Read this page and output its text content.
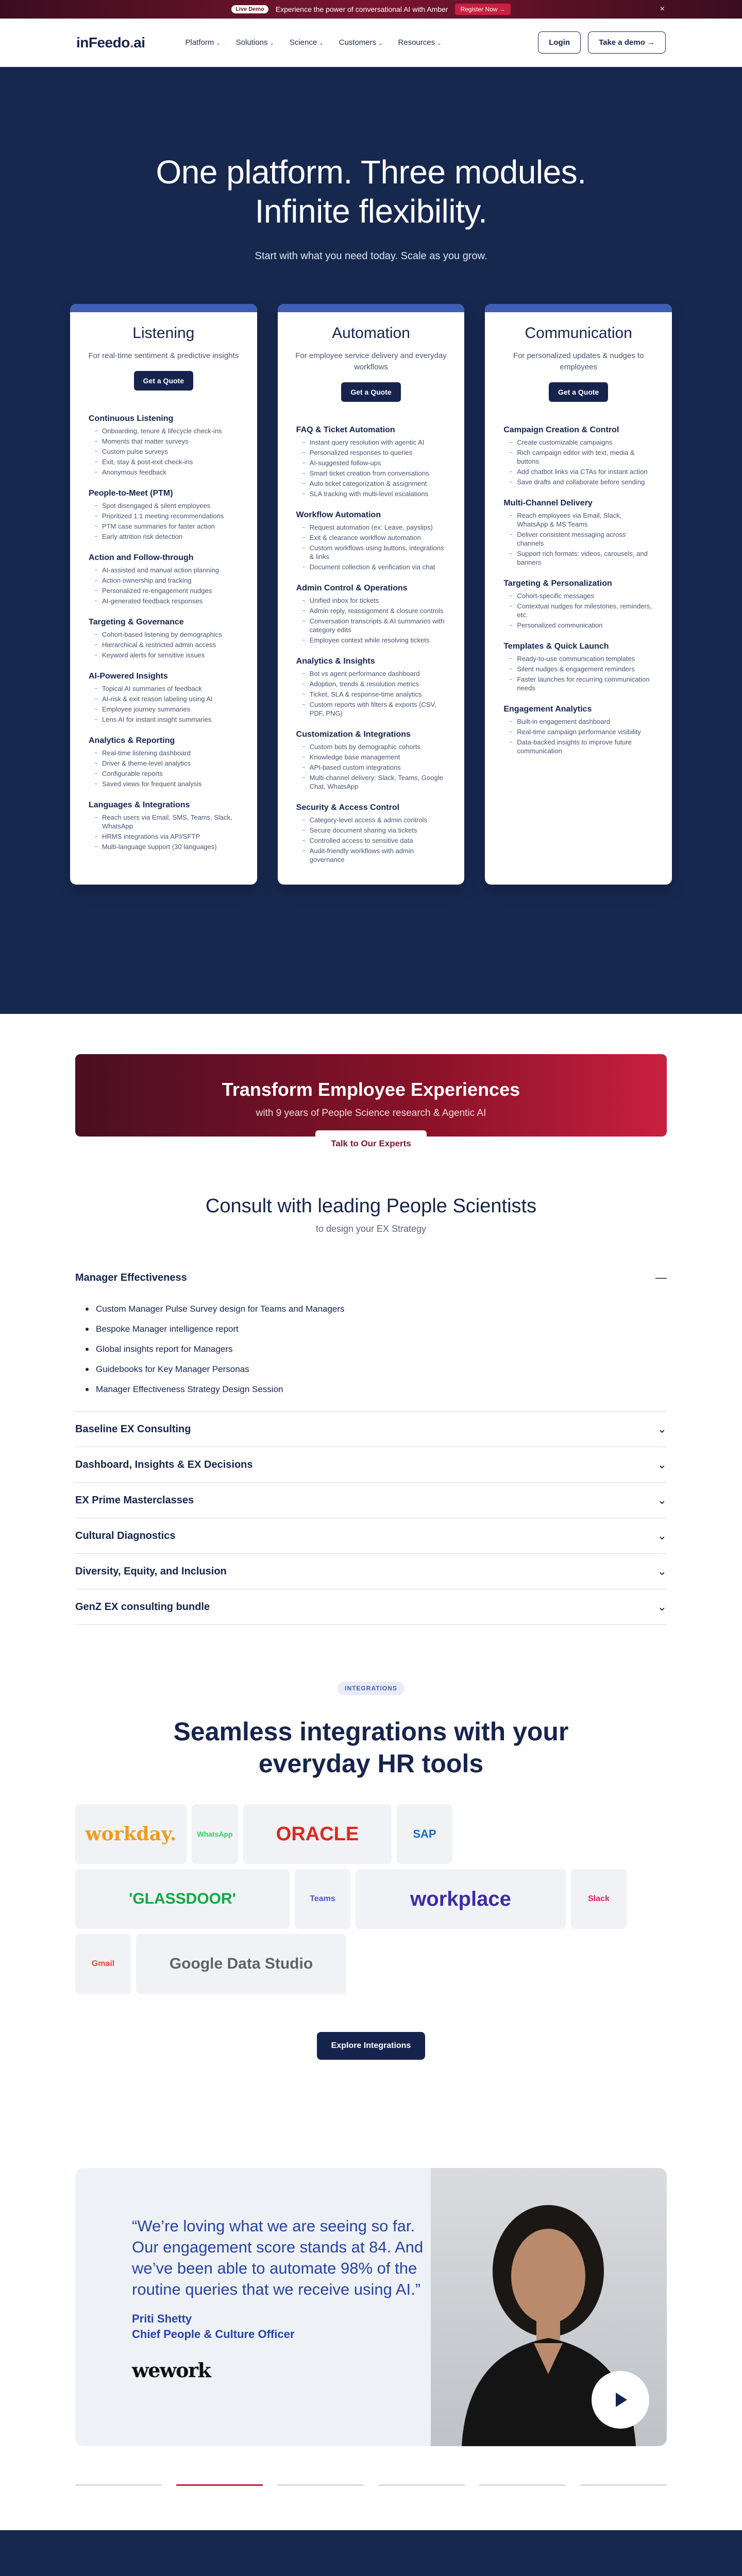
Live Demo	Experience the power of conversational AI with Amber	Register Now →	×
inFeedo.ai	Platform ⌄ Solutions ⌄ Science ⌄ Customers ⌄ Resources ⌄	Login	Take a demo →
One platform. Three modules.
Infinite flexibility.
Start with what you need today. Scale as you grow.
Listening
For real-time sentiment & predictive insights
Get a Quote
Continuous Listening
Onboarding, tenure & lifecycle check-ins
Moments that matter surveys
Custom pulse surveys
Exit, stay & post-exit check-ins
Anonymous feedback
People-to-Meet (PTM)
Spot disengaged & silent employees
Prioritized 1:1 meeting recommendations
PTM case summaries for faster action
Early attrition risk detection
Action and Follow-through
AI-assisted and manual action planning
Action ownership and tracking
Personalized re-engagement nudges
AI-generated feedback responses
Targeting & Governance
Cohort-based listening by demographics
Hierarchical & restricted admin access
Keyword alerts for sensitive issues
AI-Powered Insights
Topical AI summaries of feedback
AI-risk & exit reason labeling using AI
Employee journey summaries
Lens AI for instant insight summaries
Analytics & Reporting
Real-time listening dashboard
Driver & theme-level analytics
Configurable reports
Saved views for frequent analysis
Languages & Integrations
Reach users via Email, SMS, Teams, Slack, WhatsApp
HRMS integrations via API/SFTP
Multi-language support (30 languages)
Automation
For employee service delivery and everyday workflows
Get a Quote
FAQ & Ticket Automation
Instant query resolution with agentic AI
Personalized responses to queries
AI-suggested follow-ups
Smart ticket creation from conversations
Auto ticket categorization & assignment
SLA tracking with multi-level escalations
Workflow Automation
Request automation (ex: Leave, payslips)
Exit & clearance workflow automation
Custom workflows using buttons, integrations & links
Document collection & verification via chat
Admin Control & Operations
Unified inbox for tickets
Admin reply, reassignment & closure controls
Conversation transcripts & AI summaries with category edits
Employee context while resolving tickets
Analytics & Insights
Bot vs agent performance dashboard
Adoption, trends & resolution metrics
Ticket, SLA & response-time analytics
Custom reports with filters & exports (CSV, PDF, PNG)
Customization & Integrations
Custom bots by demographic cohorts
Knowledge base management
API-based custom integrations
Multi-channel delivery: Slack, Teams, Google Chat, WhatsApp
Security & Access Control
Category-level access & admin controls
Secure document sharing via tickets
Controlled access to sensitive data
Audit-friendly workflows with admin governance
Communication
For personalized updates & nudges to employees
Get a Quote
Campaign Creation & Control
Create customizable campaigns
Rich campaign editor with text, media & buttons
Add chatbot links via CTAs for instant action
Save drafts and collaborate before sending
Multi-Channel Delivery
Reach employees via Email, Slack, WhatsApp & MS Teams
Deliver consistent messaging across channels
Support rich formats: videos, carousels, and banners
Targeting & Personalization
Cohort-specific messages
Contextual nudges for milestones, reminders, etc.
Personalized communication
Templates & Quick Launch
Ready-to-use communication templates
Silent nudges & engagement reminders
Faster launches for recurring communication needs
Engagement Analytics
Built-in engagement dashboard
Real-time campaign performance visibility
Data-backed insights to improve future communication
Transform Employee Experiences
with 9 years of People Science research & Agentic AI
Talk to Our Experts
Consult with leading People Scientists
to design your EX Strategy
Manager Effectiveness	—
Custom Manager Pulse Survey design for Teams and Managers
Bespoke Manager intelligence report
Global insights report for Managers
Guidebooks for Key Manager Personas
Manager Effectiveness Strategy Design Session
Baseline EX Consulting	⌄
Dashboard, Insights & EX Decisions	⌄
EX Prime Masterclasses	⌄
Cultural Diagnostics	⌄
Diversity, Equity, and Inclusion	⌄
GenZ EX consulting bundle	⌄
INTEGRATIONS
Seamless integrations with your
everyday HR tools
workday.	WhatsApp	ORACLE	SAP
'GLASSDOOR'	Teams	workplace	Slack
Gmail	Google Data Studio
Explore Integrations
“We’re loving what we are seeing so far. Our engagement score stands at 84. And we’ve been able to automate 98% of the routine queries that we receive using AI.”
Priti Shetty
Chief People & Culture Officer
wework
